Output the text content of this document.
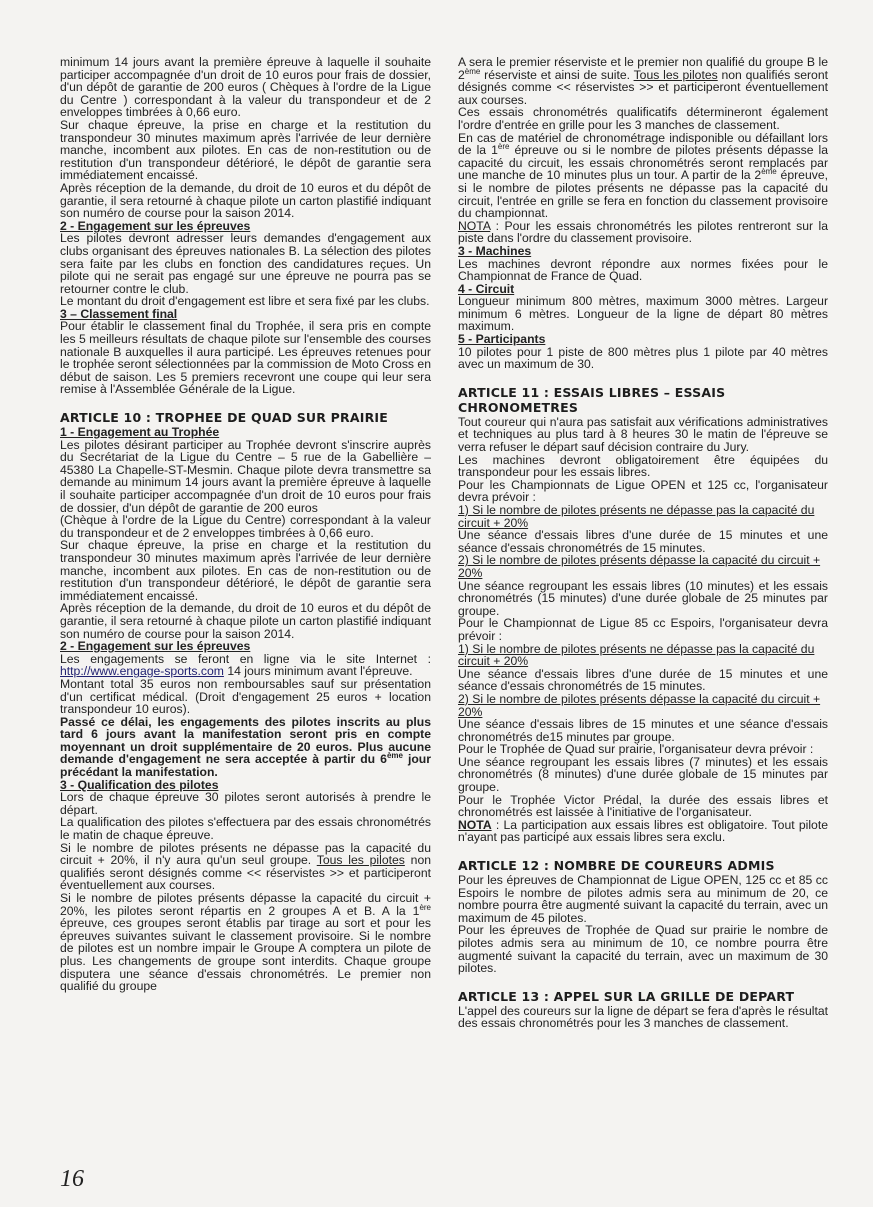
minimum 14 jours avant la première épreuve à laquelle il souhaite participer accompagnée d'un droit de 10 euros pour frais de dossier, d'un dépôt de garantie de 200 euros ( Chèques à l'ordre de la Ligue du Centre ) correspondant à la valeur du transpondeur et de 2 enveloppes timbrées à 0,66 euro.

Sur chaque épreuve, la prise en charge et la restitution du transpondeur 30 minutes maximum après l'arrivée de leur dernière manche, incombent aux pilotes. En cas de non-restitution ou de restitution d'un transpondeur détérioré, le dépôt de garantie sera immédiatement encaissé.

Après réception de la demande, du droit de 10 euros et du dépôt de garantie, il sera retourné à chaque pilote un carton plastifié indiquant son numéro de course pour la saison 2014.

2 - Engagement sur les épreuves

Les pilotes devront adresser leurs demandes d'engagement aux clubs organisant des épreuves nationales B. La sélection des pilotes sera faite par les clubs en fonction des candidatures reçues. Un pilote qui ne serait pas engagé sur une épreuve ne pourra pas se retourner contre le club.

Le montant du droit d'engagement est libre et sera fixé par les clubs.

3 – Classement final

Pour établir le classement final du Trophée, il sera pris en compte les 5 meilleurs résultats de chaque pilote sur l'ensemble des courses nationale B auxquelles il aura participé. Les épreuves retenues pour le trophée seront sélectionnées par la commission de Moto Cross en début de saison. Les 5 premiers recevront une coupe qui leur sera remise à l'Assemblée Générale de la Ligue.

ARTICLE 10 : TROPHEE DE QUAD SUR PRAIRIE

1 - Engagement au Trophée

Les pilotes désirant participer au Trophée devront s'inscrire auprès du Secrétariat de la Ligue du Centre – 5 rue de la Gabellière – 45380 La Chapelle-ST-Mesmin. Chaque pilote devra transmettre sa demande au minimum 14 jours avant la première épreuve à laquelle il souhaite participer accompagnée d'un droit de 10 euros pour frais de dossier, d'un dépôt de garantie de 200 euros

(Chèque à l'ordre de la Ligue du Centre) correspondant à la valeur du transpondeur et de 2 enveloppes timbrées à 0,66 euro.

Sur chaque épreuve, la prise en charge et la restitution du transpondeur 30 minutes maximum après l'arrivée de leur dernière manche, incombent aux pilotes. En cas de non-restitution ou de restitution d'un transpondeur détérioré, le dépôt de garantie sera immédiatement encaissé.

Après réception de la demande, du droit de 10 euros et du dépôt de garantie, il sera retourné à chaque pilote un carton plastifié indiquant son numéro de course pour la saison 2014.

2 - Engagement sur les épreuves

Les engagements se feront en ligne via le site Internet : http://www.engage-sports.com 14 jours minimum avant l'épreuve.

Montant total 35 euros non remboursables sauf sur présentation d'un certificat médical. (Droit d'engagement 25 euros + location transpondeur 10 euros).

Passé ce délai, les engagements des pilotes inscrits au plus tard 6 jours avant la manifestation seront pris en compte moyennant un droit supplémentaire de 20 euros. Plus aucune demande d'engagement ne sera acceptée à partir du 6ème jour précédant la manifestation.

3 - Qualification des pilotes

Lors de chaque épreuve 30 pilotes seront autorisés à prendre le départ.

La qualification des pilotes s'effectuera par des essais chronométrés le matin de chaque épreuve.

Si le nombre de pilotes présents ne dépasse pas la capacité du circuit + 20%, il n'y aura qu'un seul groupe. Tous les pilotes non qualifiés seront désignés comme << réservistes >> et participeront éventuellement aux courses.

Si le nombre de pilotes présents dépasse la capacité du circuit + 20%, les pilotes seront répartis en 2 groupes A et B. A la 1ère épreuve, ces groupes seront établis par tirage au sort et pour les épreuves suivantes suivant le classement provisoire. Si le nombre de pilotes est un nombre impair le Groupe A comptera un pilote de plus. Les changements de groupe sont interdits. Chaque groupe disputera une séance d'essais chronométrés. Le premier non qualifié du groupe

A sera le premier réserviste et le premier non qualifié du groupe B le 2ème réserviste et ainsi de suite. Tous les pilotes non qualifiés seront désignés comme << réservistes >> et participeront éventuellement aux courses.

Ces essais chronométrés qualificatifs détermineront également l'ordre d'entrée en grille pour les 3 manches de classement.

En cas de matériel de chronométrage indisponible ou défaillant lors de la 1ère épreuve ou si le nombre de pilotes présents dépasse la capacité du circuit, les essais chronométrés seront remplacés par une manche de 10 minutes plus un tour. A partir de la 2ème épreuve, si le nombre de pilotes présents ne dépasse pas la capacité du circuit, l'entrée en grille se fera en fonction du classement provisoire du championnat.

NOTA : Pour les essais chronométrés les pilotes rentreront sur la piste dans l'ordre du classement provisoire.

3 - Machines

Les machines devront répondre aux normes fixées pour le Championnat de France de Quad.

4 - Circuit

Longueur minimum 800 mètres, maximum 3000 mètres. Largeur minimum 6 mètres. Longueur de la ligne de départ 80 mètres maximum.

5 - Participants

10 pilotes pour 1 piste de 800 mètres plus 1 pilote par 40 mètres avec un maximum de 30.

ARTICLE 11 : ESSAIS LIBRES – ESSAIS CHRONOMETRES

Tout coureur qui n'aura pas satisfait aux vérifications administratives et techniques au plus tard à 8 heures 30 le matin de l'épreuve se verra refuser le départ sauf décision contraire du Jury.

Les machines devront obligatoirement être équipées du transpondeur pour les essais libres.

Pour les Championnats de Ligue OPEN et 125 cc, l'organisateur devra prévoir :

1) Si le nombre de pilotes présents ne dépasse pas la capacité du circuit + 20%

Une séance d'essais libres d'une durée de 15 minutes et une séance d'essais chronométrés de 15 minutes.

2) Si le nombre de pilotes présents dépasse la capacité du circuit + 20%

Une séance regroupant les essais libres (10 minutes) et les essais chronométrés (15 minutes) d'une durée globale de 25 minutes par groupe.

Pour le Championnat de Ligue 85 cc Espoirs, l'organisateur devra prévoir :

1) Si le nombre de pilotes présents ne dépasse pas la capacité du circuit + 20%

Une séance d'essais libres d'une durée de 15 minutes et une séance d'essais chronométrés de 15 minutes.

2) Si le nombre de pilotes présents dépasse la capacité du circuit + 20%

Une séance d'essais libres de 15 minutes et une séance d'essais chronométrés de15 minutes par groupe.

Pour le Trophée de Quad sur prairie, l'organisateur devra prévoir :

Une séance regroupant les essais libres (7 minutes) et les essais chronométrés (8 minutes) d'une durée globale de 15 minutes par groupe.

Pour le Trophée Victor Prédal, la durée des essais libres et chronométrés est laissée à l'initiative de l'organisateur.

NOTA : La participation aux essais libres est obligatoire. Tout pilote n'ayant pas participé aux essais libres sera exclu.

ARTICLE 12 : NOMBRE DE COUREURS ADMIS

Pour les épreuves de Championnat de Ligue OPEN, 125 cc et 85 cc Espoirs le nombre de pilotes admis sera au minimum de 20, ce nombre pourra être augmenté suivant la capacité du terrain, avec un maximum de 45 pilotes.

Pour les épreuves de Trophée de Quad sur prairie le nombre de pilotes admis sera au minimum de 10, ce nombre pourra être augmenté suivant la capacité du terrain, avec un maximum de 30 pilotes.

ARTICLE 13 : APPEL SUR LA GRILLE DE DEPART

L'appel des coureurs sur la ligne de départ se fera d'après le résultat des essais chronométrés pour les 3 manches de classement.

16
